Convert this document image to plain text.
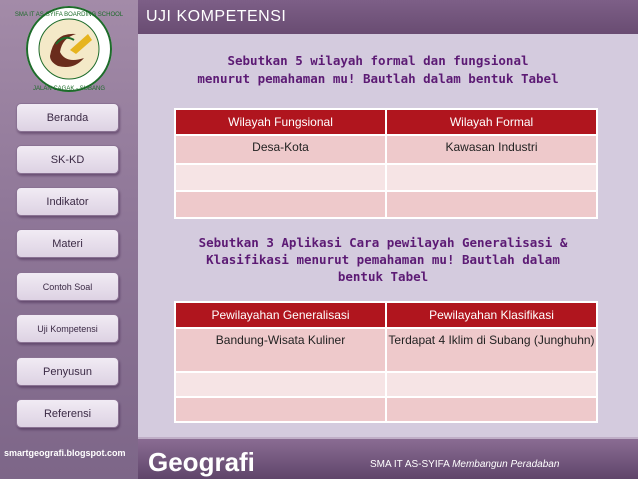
SMA IT AS-SYIFA BOARDING SCHOOL
JALAN CAGAK - SUBANG
Beranda
SK-KD
Indikator
Materi
Contoh Soal
Uji Kompetensi
Penyusun
Referensi
smartgeografi.blogspot.com
UJI KOMPETENSI
Sebutkan 5 wilayah formal dan fungsional
menurut pemahaman mu! Bautlah dalam bentuk Tabel
Wilayah Fungsional	Wilayah Formal
Desa-Kota	Kawasan Industri

Sebutkan 3 Aplikasi Cara pewilayah Generalisasi &
Klasifikasi menurut pemahaman mu! Bautlah dalam
bentuk Tabel
Pewilayahan Generalisasi	Pewilayahan Klasifikasi
Bandung-Wisata Kuliner	Terdapat 4 Iklim di Subang (Junghuhn)

Geografi	SMA IT AS-SYIFA Membangun Peradaban
